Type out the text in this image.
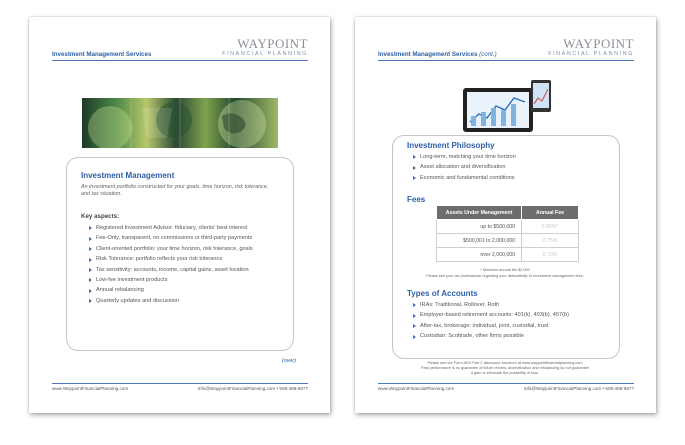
Investment Management Services
WAYPOINT
FINANCIAL PLANNING
Investment Management
An investment portfolio constructed for your goals, time horizon, risk tolerance, and tax situation.
Key aspects:
Registered Investment Advisor: fiduciary, clients' best interest
Fee-Only, transparent, no commissions or third-party payments
Client-oriented portfolio: your time horizon, risk tolerance, goals
Risk Tolerance: portfolio reflects your risk tolerance
Tax sensitivity: accounts, income, capital gains, asset location
Low-fee investment products
Annual rebalancing
Quarterly updates and discussion
(over)
www.WaypointFinancialPlanning.com	Info@WaypointFinancialPlanning.com • 508-488-6577
Investment Management Services (cont.)
WAYPOINT
FINANCIAL PLANNING
Investment Philosophy
Long-term, matching your time horizon
Asset allocation and diversification
Economic and fundamental conditions
Fees
Assets Under Management	Annual Fee
up to $500,000	0.85%*
$500,001 to 2,000,000	0.75%
over 2,000,000	0.70%
* Minimum annual fee $2,000
Please see your tax professional regarding your deductibility of investment management fees.
Types of Accounts
IRAs: Traditional, Rollover, Roth
Employer-based retirement accounts: 401(k), 403(b), 457(b)
After-tax, brokerage: individual, joint, custodial, trust
Custodian: Scottrade, other firms possible
Please see our Form ADV Part 2 disclosure brochure at www.waypointfinancialplanning.com
Past performance is no guarantee of future returns; diversification and rebalancing do not guarantee
a gain or eliminate the possibility of loss.
www.WaypointFinancialPlanning.com	Info@WaypointFinancialPlanning.com • 508-488-6577
